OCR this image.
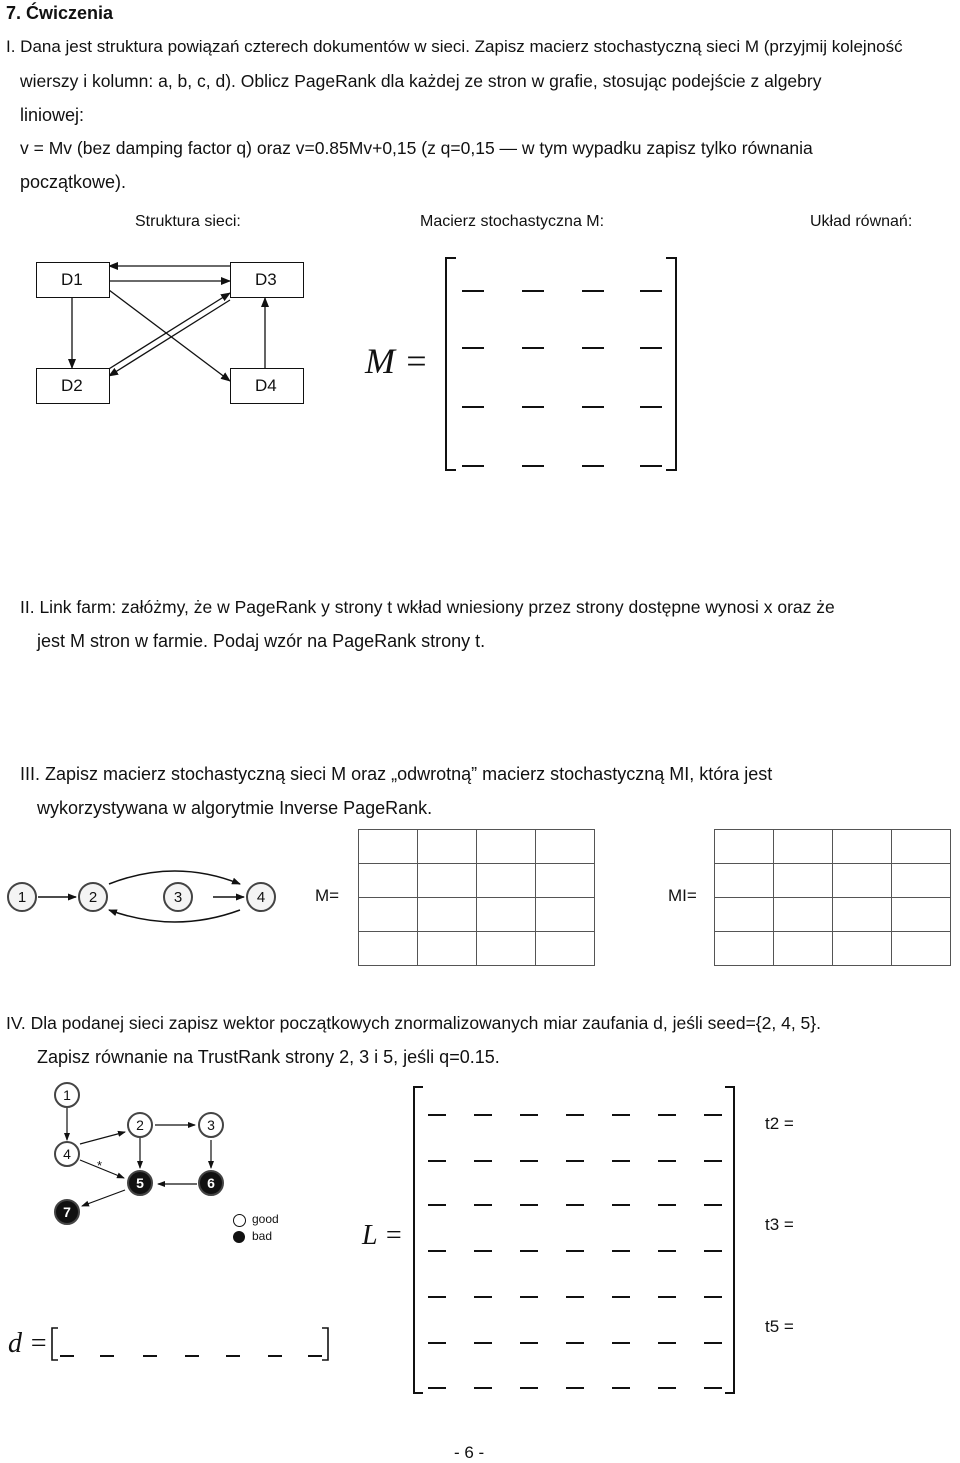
7. Ćwiczenia
I. Dana jest struktura powiązań czterech dokumentów w sieci. Zapisz macierz stochastyczną sieci M (przyjmij kolejność
wierszy i kolumn: a, b, c, d). Oblicz PageRank dla każdej ze stron w grafie, stosując podejście z algebry
liniowej:
v = Mv (bez damping factor q) oraz v=0.85Mv+0,15 (z q=0,15 — w tym wypadku zapisz tylko równania
początkowe).
Struktura sieci:	Macierz stochastyczna M:	Układ równań:
D1	D3
D2	D4
M =
II. Link farm: załóżmy, że w PageRank y strony t wkład wniesiony przez strony dostępne wynosi x oraz że
jest M stron w farmie. Podaj wzór na PageRank strony t.
III. Zapisz macierz stochastyczną sieci M oraz „odwrotną” macierz stochastyczną MI, która jest
wykorzystywana w algorytmie Inverse PageRank.
1	2	3	4	M=	MI=

IV. Dla podanej sieci zapisz wektor początkowych znormalizowanych miar zaufania d, jeśli seed={2, 4, 5}.
Zapisz równanie na TrustRank strony 2, 3 i 5, jeśli q=0.15.
1
2	3
4
5	6
7
*
good
bad	L =
t2 =
t3 =
t5 =
d =
- 6 -
